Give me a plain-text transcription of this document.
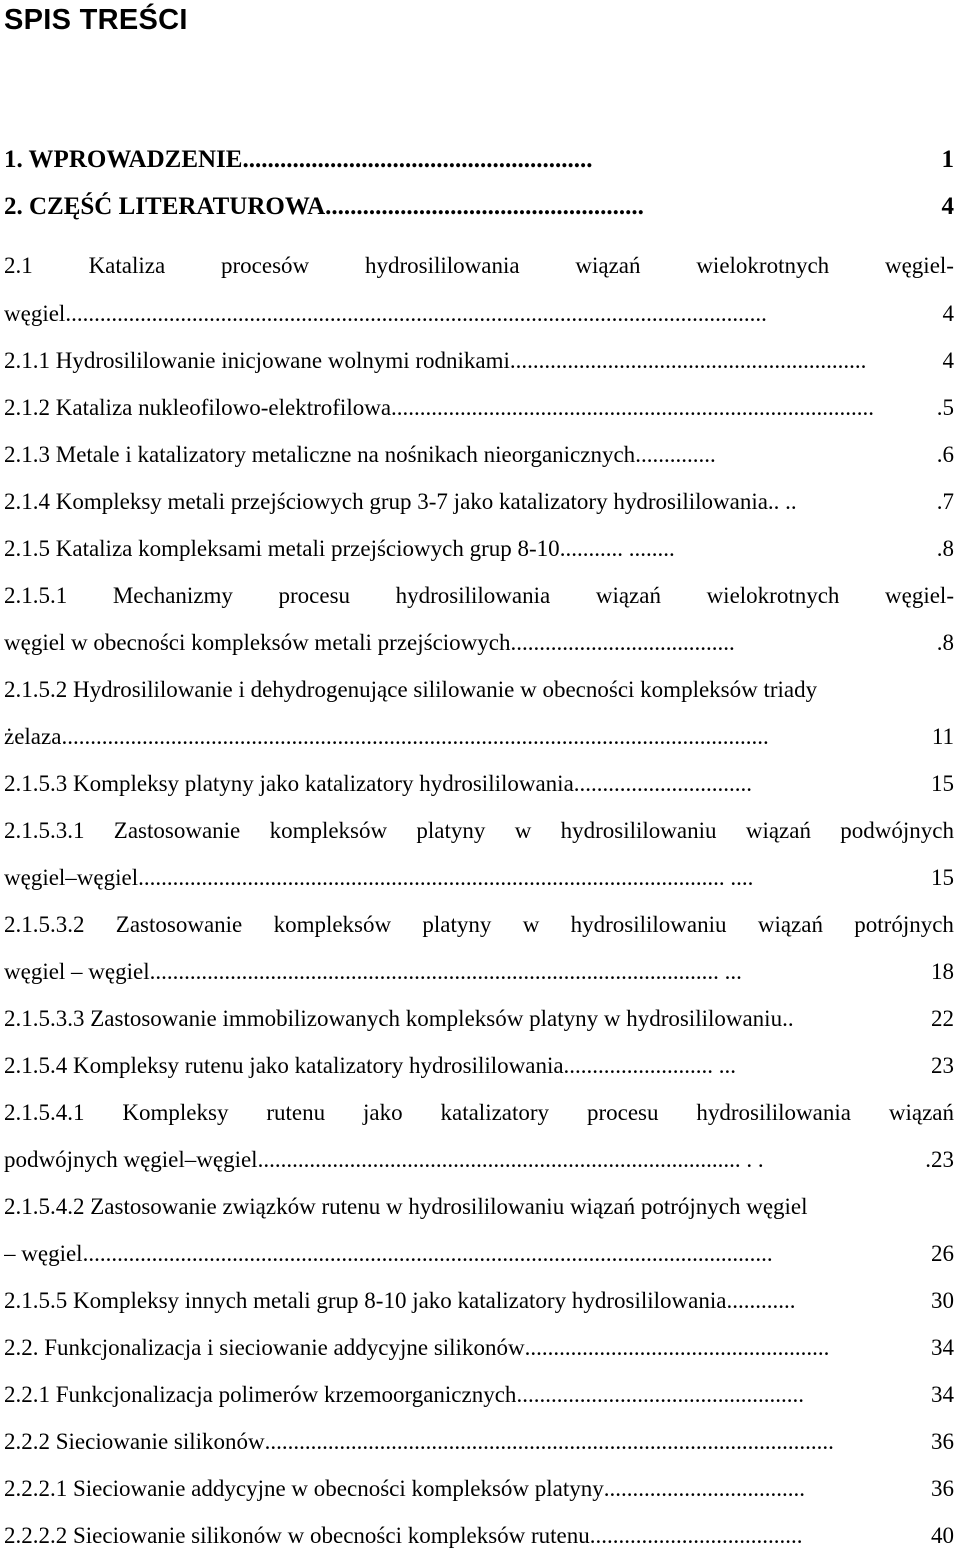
SPIS TREŚCI
1. WPROWADZENIE ........................................................	1
2. CZĘŚĆ LITERATUROWA ...................................................	4
2.1 Kataliza procesów hydrosililowania wiązań wielokrotnych węgiel-
węgiel ..........................................................................................................................	4
2.1.1 Hydrosililowanie inicjowane wolnymi rodnikami ..............................................................	4
2.1.2 Kataliza nukleofilowo-elektrofilowa ....................................................................................	.5
2.1.3 Metale i katalizatory metaliczne na nośnikach nieorganicznych ..............	.6
2.1.4 Kompleksy metali przejściowych grup 3-7 jako katalizatory hydrosililowania. . ..	.7
2.1.5 Kataliza kompleksami metali przejściowych grup 8-10 ........... ........	.8
2.1.5.1 Mechanizmy procesu hydrosililowania wiązań wielokrotnych węgiel-
węgiel w obecności kompleksów metali przejściowych .......................................	.8
2.1.5.2 Hydrosililowanie i dehydrogenujące sililowanie w obecności kompleksów triady
żelaza ...........................................................................................................................	11
2.1.5.3 Kompleksy platyny jako katalizatory hydrosililowania ...............................	15
2.1.5.3.1 Zastosowanie kompleksów platyny w hydrosililowaniu wiązań podwójnych
węgiel–węgiel ...................................................................................................... ....	15
2.1.5.3.2 Zastosowanie kompleksów platyny w hydrosililowaniu wiązań potrójnych
węgiel – węgiel ................................................................................................... ...	18
2.1.5.3.3 Zastosowanie immobilizowanych kompleksów platyny w hydrosililowaniu. .	22
2.1.5.4 Kompleksy rutenu jako katalizatory hydrosililowania .......................... ...	23
2.1.5.4.1 Kompleksy rutenu jako katalizatory procesu hydrosililowania wiązań
podwójnych węgiel–węgiel .................................................................................... . .	.23
2.1.5.4.2 Zastosowanie związków rutenu w hydrosililowaniu wiązań potrójnych węgiel
– węgiel ........................................................................................................................	26
2.1.5.5 Kompleksy innych metali grup 8-10 jako katalizatory hydrosililowania ............	30
2.2. Funkcjonalizacja i sieciowanie addycyjne silikonów .....................................................	34
2.2.1 Funkcjonalizacja polimerów krzemoorganicznych ..................................................	34
2.2.2 Sieciowanie silikonów ...................................................................................................	36
2.2.2.1 Sieciowanie addycyjne w obecności kompleksów platyny ...................................	36
2.2.2.2 Sieciowanie silikonów w obecności kompleksów rutenu .....................................	40
